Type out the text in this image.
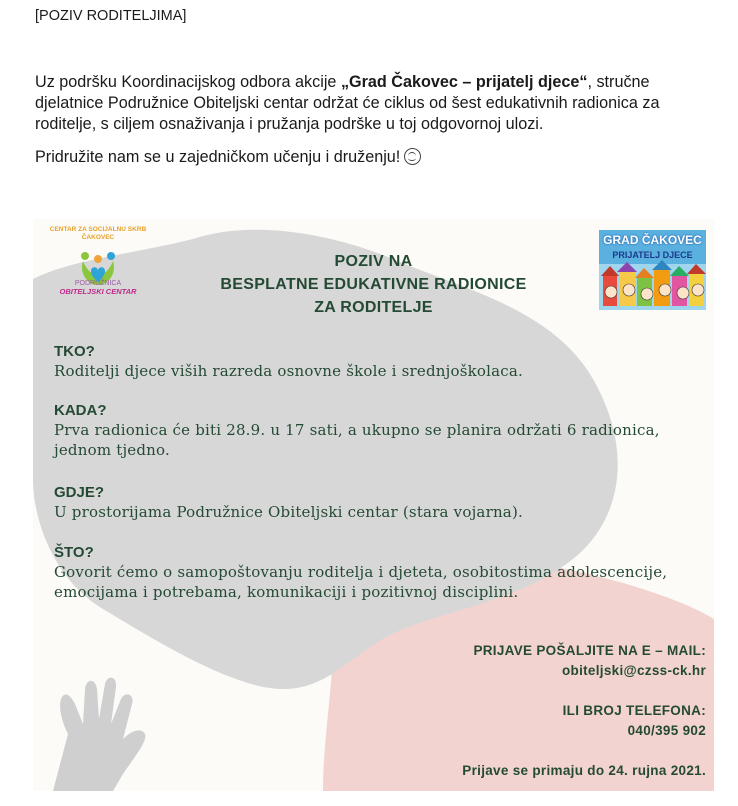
[POZIV RODITELJIMA]

Uz podršku Koordinacijskog odbora akcije „Grad Čakovec – prijatelj djece“, stručne djelatnice Podružnice Obiteljski centar održat će ciklus od šest edukativnih radionica za roditelje, s ciljem osnaživanja i pružanja podrške u toj odgovornoj ulozi.

Pridružite nam se u zajedničkom učenju i druženju!

CENTAR ZA SOCIJALNU SKRB
ČAKOVEC
PODRUŽNICA
OBITELJSKI CENTAR
POZIV NA
BESPLATNE EDUKATIVNE RADIONICE
ZA RODITELJE
GRAD ČAKOVEC
PRIJATELJ DJECE
TKO?
Roditelji djece viših razreda osnovne škole i srednjoškolaca.
KADA?
Prva radionica će biti 28.9. u 17 sati, a ukupno se planira održati 6 radionica, jednom tjedno.
GDJE?
U prostorijama Podružnice Obiteljski centar (stara vojarna).
ŠTO?
Govorit ćemo o samopoštovanju roditelja i djeteta, osobitostima adolescencije, emocijama i potrebama, komunikaciji i pozitivnoj disciplini.
PRIJAVE POŠALJITE NA E – MAIL:
obiteljski@czss-ck.hr
ILI BROJ TELEFONA:
040/395 902
Prijave se primaju do 24. rujna 2021.
